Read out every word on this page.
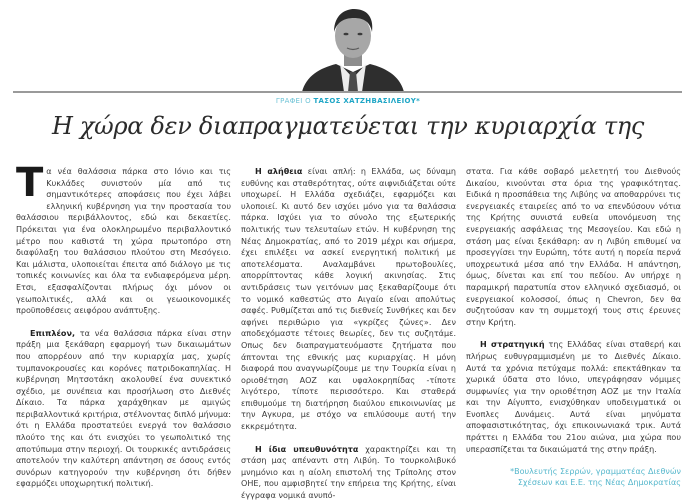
ΓΡΑΦΕΙ Ο ΤΑΣΟΣ ΧΑΤΖΗΒΑΣΙΛΕΙΟΥ*
Η χώρα δεν διαπραγματεύεται την κυριαρχία της

Τα νέα θαλάσσια πάρκα στο Ιόνιο και τις Κυκλάδες συνιστούν μία από τις σημαντικότερες αποφάσεις που έχει λάβει ελληνική κυβέρνηση για την προστασία του θαλάσσιου περιβάλλοντος, εδώ και δεκαετίες. Πρόκειται για ένα ολοκληρωμένο περιβαλλοντικό μέτρο που καθιστά τη χώρα πρωτοπόρο στη διαφύλαξη του θαλάσσιου πλούτου στη Μεσόγειο. Και μάλιστα, υλοποιείται έπειτα από διάλογο με τις τοπικές κοινωνίες και όλα τα ενδιαφερόμενα μέρη. Ετσι, εξασφαλίζονται πλήρως όχι μόνον οι γεωπολιτικές, αλλά και οι γεωοικονομικές προϋποθέσεις αειφόρου ανάπτυξης.

Επιπλέον, τα νέα θαλάσσια πάρκα είναι στην πράξη μια ξεκάθαρη εφαρμογή των δικαιωμάτων που απορρέουν από την κυριαρχία μας, χωρίς τυμπανοκρουσίες και κορόνες πατριδοκαπηλίας. Η κυβέρνηση Μητσοτάκη ακολουθεί ένα συνεκτικό σχέδιο, με συνέπεια και προσήλωση στο Διεθνές Δίκαιο. Τα πάρκα χαράχθηκαν με αμιγώς περιβαλλοντικά κριτήρια, στέλνοντας διπλό μήνυμα: ότι η Ελλάδα προστατεύει ενεργά τον θαλάσσιο πλούτο της και ότι ενισχύει το γεωπολιτικό της αποτύπωμα στην περιοχή. Οι τουρκικές αντιδράσεις αποτελούν την καλύτερη απάντηση σε όσους εντός συνόρων κατηγορούν την κυβέρνηση ότι δήθεν εφαρμόζει υποχωρητική πολιτική.

Η αλήθεια είναι απλή: η Ελλάδα, ως δύναμη ευθύνης και σταθερότητας, ούτε αιφνιδιάζεται ούτε υποχωρεί. Η Ελλάδα σχεδιάζει, εφαρμόζει και υλοποιεί. Κι αυτό δεν ισχύει μόνο για τα θαλάσσια πάρκα. Ισχύει για το σύνολο της εξωτερικής πολιτικής των τελευταίων ετών. Η κυβέρνηση της Νέας Δημοκρατίας, από το 2019 μέχρι και σήμερα, έχει επιλέξει να ασκεί ενεργητική πολιτική με αποτελέσματα. Αναλαμβάνει πρωτοβουλίες, απορρίπτοντας κάθε λογική ακινησίας. Στις αντιδράσεις των γειτόνων μας ξεκαθαρίζουμε ότι το νομικό καθεστώς στο Αιγαίο είναι απολύτως σαφές. Ρυθμίζεται από τις διεθνείς Συνθήκες και δεν αφήνει περιθώριο για «γκρίζες ζώνες». Δεν αποδεχόμαστε τέτοιες θεωρίες, δεν τις συζητάμε. Οπως δεν διαπραγματευόμαστε ζητήματα που άπτονται της εθνικής μας κυριαρχίας. Η μόνη διαφορά που αναγνωρίζουμε με την Τουρκία είναι η οριοθέτηση ΑΟΖ και υφαλοκρηπίδας -τίποτε λιγότερο, τίποτε περισσότερο. Και σταθερά επιθυμούμε τη διατήρηση διαύλου επικοινωνίας με την Αγκυρα, με στόχο να επιλύσουμε αυτή την εκκρεμότητα.

Η ίδια υπευθυνότητα χαρακτηρίζει και τη στάση μας απέναντι στη Λιβύη. Το τουρκολιβυκό μνημόνιο και η αίολη επιστολή της Τρίπολης στον ΟΗΕ, που αμφισβητεί την επήρεια της Κρήτης, είναι έγγραφα νομικά ανυπό-

στατα. Για κάθε σοβαρό μελετητή του Διεθνούς Δικαίου, κινούνται στα όρια της γραφικότητας. Ειδικά η προσπάθεια της Λιβύης να αποθαρρύνει τις ενεργειακές εταιρείες από το να επενδύσουν νότια της Κρήτης συνιστά ευθεία υπονόμευση της ενεργειακής ασφάλειας της Μεσογείου. Και εδώ η στάση μας είναι ξεκάθαρη: αν η Λιβύη επιθυμεί να προσεγγίσει την Ευρώπη, τότε αυτή η πορεία περνά υποχρεωτικά μέσα από την Ελλάδα. Η απάντηση, όμως, δίνεται και επί του πεδίου. Αν υπήρχε η παραμικρή παρατυπία στον ελληνικό σχεδιασμό, οι ενεργειακοί κολοσσοί, όπως η Chevron, δεν θα συζητούσαν καν τη συμμετοχή τους στις έρευνες στην Κρήτη.

Η στρατηγική της Ελλάδας είναι σταθερή και πλήρως ευθυγραμμισμένη με το Διεθνές Δίκαιο. Αυτά τα χρόνια πετύχαμε πολλά: επεκτάθηκαν τα χωρικά ύδατα στο Ιόνιο, υπεγράφησαν νόμιμες συμφωνίες για την οριοθέτηση ΑΟΖ με την Ιταλία και την Αίγυπτο, ενισχύθηκαν υποδειγματικά οι Ενοπλες Δυνάμεις. Αυτά είναι μηνύματα αποφασιστικότητας, όχι επικοινωνιακά τρικ. Αυτά πράττει η Ελλάδα του 21ου αιώνα, μια χώρα που υπερασπίζεται τα δικαιώματά της στην πράξη.

*Βουλευτής Σερρών, γραμματέας Διεθνών
Σχέσεων και Ε.Ε. της Νέας Δημοκρατίας
